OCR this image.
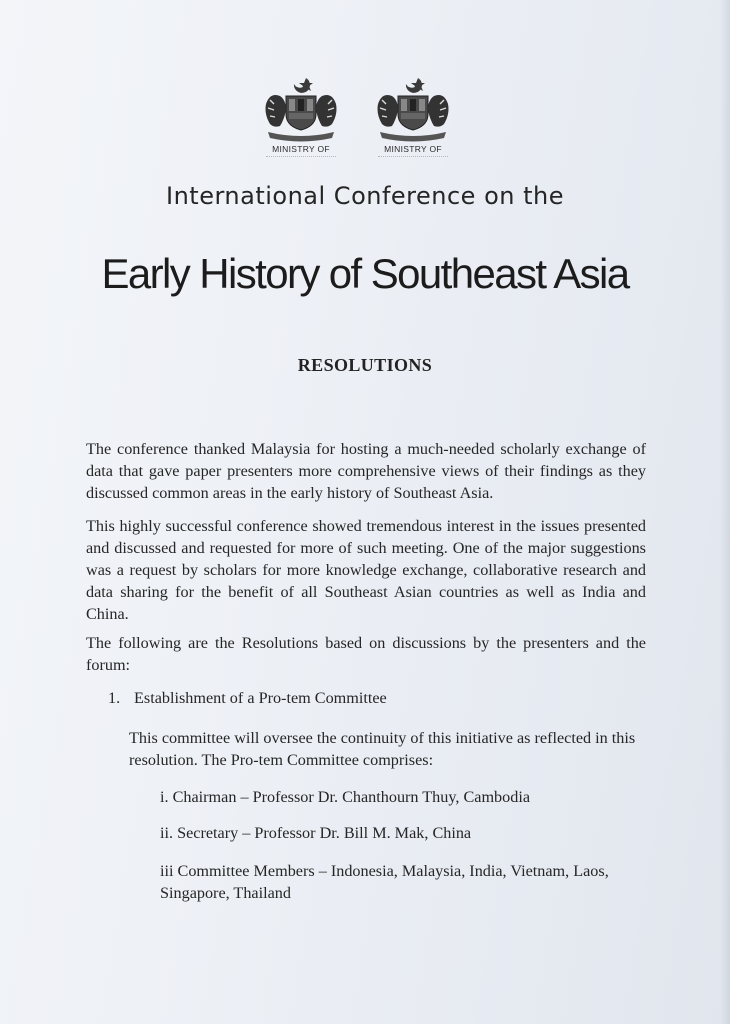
MINISTRY OF	MINISTRY OF
International Conference on the
Early History of Southeast Asia
RESOLUTIONS
The conference thanked Malaysia for hosting a much-needed scholarly exchange of data that gave paper presenters more comprehensive views of their findings as they discussed common areas in the early history of Southeast Asia.
This highly successful conference showed tremendous interest in the issues presented and discussed and requested for more of such meeting. One of the major suggestions was a request by scholars for more knowledge exchange, collaborative research and data sharing for the benefit of all Southeast Asian countries as well as India and China.
The following are the Resolutions based on discussions by the presenters and the forum:
1. Establishment of a Pro-tem Committee
This committee will oversee the continuity of this initiative as reflected in this resolution. The Pro-tem Committee comprises:
i. Chairman – Professor Dr. Chanthourn Thuy, Cambodia
ii. Secretary – Professor Dr. Bill M. Mak, China
iii Committee Members – Indonesia, Malaysia, India, Vietnam, Laos, Singapore, Thailand
